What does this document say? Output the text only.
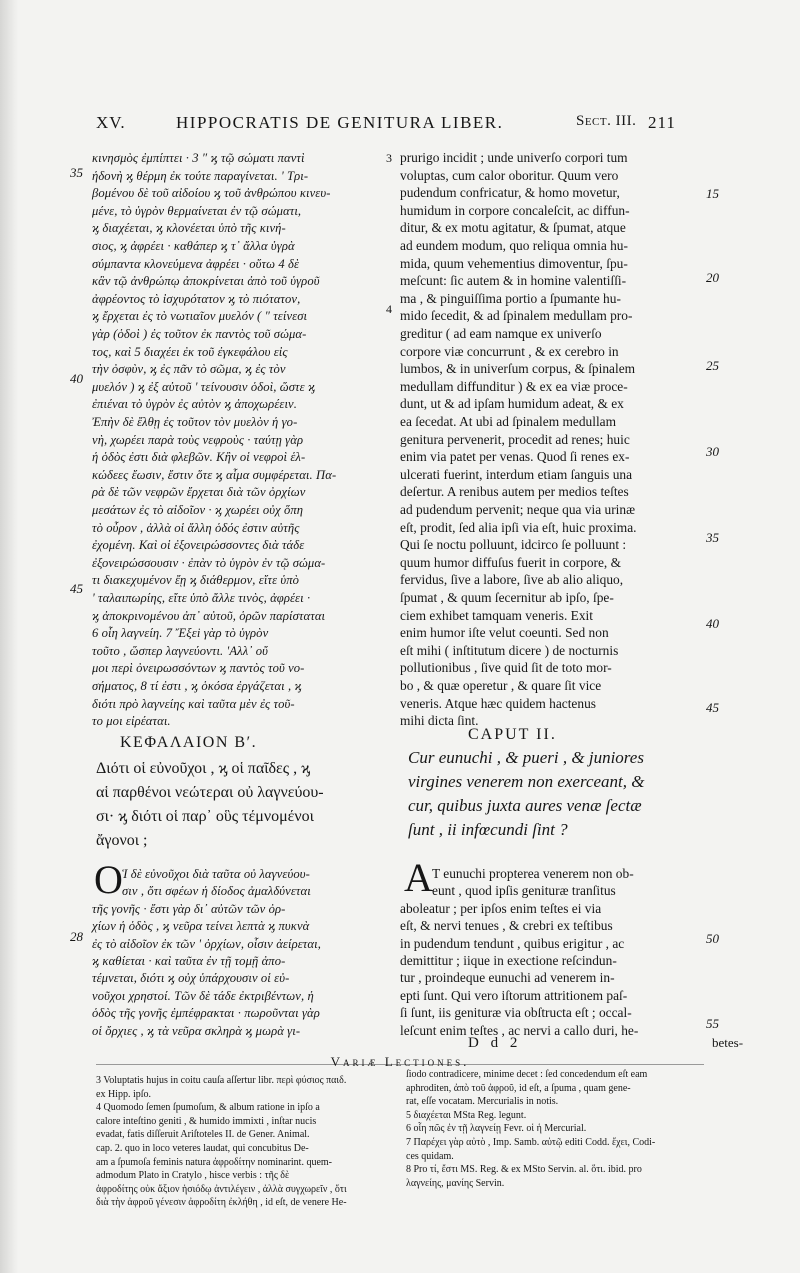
XV.	HIPPOCRATIS DE GENITURA LIBER.	Sect. III. 211
κινησμὸς ἐμπίπτει · 3 ″ ϗ τῷ σώματι παντὶ
ἡδονὴ ϗ θέρμη ἐκ τούτε παραγίνεται. ' Τρι-
βομένου δὲ τοῦ αἰδοίου ϗ τοῦ ἀνθρώπου κινευ-
μένε, τὸ ὑγρὸν θερμαίνεται ἐν τῷ σώματι,
ϗ διαχέεται, ϗ κλονέεται ὑπὸ τῆς κινή-
σιος, ϗ ἀφρέει · καθάπερ ϗ τ᾽ ἄλλα ὑγρὰ
σύμπαντα κλονεύμενα ἀφρέει · οὕτω 4 δὲ
κἂν τῷ ἀνθρώπῳ ἀποκρίνεται ἀπὸ τοῦ ὑγροῦ
ἀφρέοντος τὸ ἰσχυρότατον ϗ τὸ πιότατον,
ϗ ἔρχεται ἐς τὸ νωτιαῖον μυελόν ( ″ τείνεσι
γὰρ (ὁδοὶ ) ἐς τοῦτον ἐκ παντὸς τοῦ σώμα-
τος, καὶ 5 διαχέει ἐκ τοῦ ἐγκεφάλου εἰς
τὴν ὀσφὺν, ϗ ἐς πᾶν τὸ σῶμα, ϗ ἐς τὸν
μυελόν ) ϗ ἐξ αὐτοῦ ' τείνουσιν ὁδοὶ, ὥστε ϗ
ἐπιέναι τὸ ὑγρὸν ἐς αὐτὸν ϗ ἀποχωρέειν.
Ἐπὴν δὲ ἔλθῃ ἐς τοῦτον τὸν μυελὸν ἡ γο-
νὴ, χωρέει παρὰ τοὺς νεφροὺς · ταύτῃ γὰρ
ἡ ὁδὸς ἐστι διὰ φλεβῶν. Κἢν οἱ νεφροὶ ἑλ-
κώδεες ἔωσιν, ἔστιν ὅτε ϗ αἷμα συμφέρεται. Πα-
ρὰ δὲ τῶν νεφρῶν ἔρχεται διὰ τῶν ὀρχίων
μεσάτων ἐς τὸ αἰδοῖον · ϗ χωρέει οὐχ ὅπη
τὸ οὖρον , ἀλλὰ οἱ ἄλλη ὁδός ἐστιν αὐτῆς
ἐχομένη. Καὶ οἱ ἐξονειρώσσοντες διὰ τάδε
ἐξονειρώσσουσιν · ἐπὰν τὸ ὑγρὸν ἐν τῷ σώμα-
τι διακεχυμένον ἔῃ ϗ διάθερμον, εἴτε ὑπὸ
' ταλαιπωρίης, εἴτε ὑπὸ ἄλλε τινὸς, ἀφρέει ·
ϗ ἀποκρινομένου ἀπ᾽ αὐτοῦ, ὁρῶν παρίσταται
6 οἷη λαγνείη. 7 Ἔξεi γὰρ τὸ ὑγρὸν
τοῦτο , ὥσπερ λαγνεύοντι. 'Αλλ᾽ οὔ
μοι περὶ ὀνειρωσσόντων ϗ παντὸς τοῦ νο-
σήματος, 8 τί ἐστι , ϗ ὁκόσα ἐργάζεται , ϗ
διότι πρὸ λαγνείης καὶ ταῦτα μὲν ἐς τοῦ-
το μοι εἰρέαται.
prurigo incidit ; unde univerſo corpori tum
voluptas, cum calor oboritur. Quum vero
pudendum confricatur, & homo movetur,
humidum in corpore concaleſcit, ac diffun-
ditur, & ex motu agitatur, & ſpumat, atque
ad eundem modum, quo reliqua omnia hu-
mida, quum vehementius dimoventur, ſpu-
meſcunt: ſic autem & in homine valentiſſi-
ma , & pinguiſſima portio a ſpumante hu-
mido ſecedit, & ad ſpinalem medullam pro-
greditur ( ad eam namque ex univerſo
corpore viæ concurrunt , & ex cerebro in
lumbos, & in univerſum corpus, & ſpinalem
medullam diffunditur ) & ex ea viæ proce-
dunt, ut & ad ipſam humidum adeat, & ex
ea ſecedat. At ubi ad ſpinalem medullam
genitura pervenerit, procedit ad renes; huic
enim via patet per venas. Quod ſi renes ex-
ulcerati fuerint, interdum etiam ſanguis una
deſertur. A renibus autem per medios teſtes
ad pudendum pervenit; neque qua via urinæ
eſt, prodit, ſed alia ipſi via eſt, huic proxima.
Qui ſe noctu polluunt, idcirco ſe polluunt :
quum humor diffuſus fuerit in corpore, &
fervidus, ſive a labore, ſive ab alio aliquo,
ſpumat , & quum ſecernitur ab ipſo, ſpe-
ciem exhibet tamquam veneris. Exit
enim humor iſte velut coeunti. Sed non
eſt mihi ( inſtitutum dicere ) de nocturnis
pollutionibus , ſive quid ſit de toto mor-
bo , & quæ operetur , & quare ſit vice
veneris. Atque hæc quidem hactenus
mihi dicta ſint.
35
40
45
28
15
20
25
30
35
40
45
50
55
3
4
ΚΕΦΑΛΑΙΟΝ Β′.	CAPUT II.
Διότι οἱ εὐνοῦχοι , ϗ οἱ παῖδες , ϗ
αἱ παρθένοι νεώτεραι οὐ λαγνεύου-
σι· ϗ διότι οἱ παρ᾽ οὓς τέμνομένοι
ἄγονοι ;
Cur eunuchi , & pueri , & juniores
virgines venerem non exerceant, &
cur, quibus juxta aures venæ ſectæ
ſunt , ii infœcundi ſint ?
O	A
Ἱ δὲ εὐνοῦχοι διὰ ταῦτα οὐ λαγνεύου-
σιν , ὅτι σφέων ἡ δίοδος ἀμαλδύνεται
τῆς γονῆς · ἔστι γὰρ δι᾽ αὐτῶν τῶν ὀρ-
χίων ἡ ὁδὸς , ϗ νεῦρα τείνει λεπτὰ ϗ πυκνὰ
ἐς τὸ αἰδοῖον ἐκ τῶν ' ὀρχίων, οἷσιν ἀείρεται,
ϗ καθίεται · καὶ ταῦτα ἐν τῇ τομῇ ἀπο-
τέμνεται, διότι ϗ οὐχ ὑπάρχουσιν οἱ εὐ-
νοῦχοι χρηστοί. Τῶν δὲ τάδε ἐκτριβέντων, ἡ
ὁδὸς τῆς γονῆς ἐμπέφρακται · πωροῦνται γὰρ
οἱ ὄρχιες , ϗ τὰ νεῦρα σκληρὰ ϗ μωρὰ γι-
T eunuchi propterea venerem non ob-
eunt , quod ipſis genituræ tranſitus
aboleatur ; per ipſos enim teſtes ei via
eſt, & nervi tenues , & crebri ex teſtibus
in pudendum tendunt , quibus erigitur , ac
demittitur ; iique in exectione reſcindun-
tur , proindeque eunuchi ad venerem in-
epti ſunt. Qui vero iſtorum attritionem paſ-
ſi ſunt, iis genituræ via obſtructa eſt ; occal-
leſcunt enim teſtes , ac nervi a callo duri, he-
D d 2	betes-
Variæ Lectiones.
3 Voluptatis hujus in coitu cauſa aſſertur libr. περὶ φύσιος παιδ.
ex Hipp. ipſo.
4 Quomodo ſemen ſpumoſum, & album ratione in ipſo a
calore inteſtino geniti , & humido immixti , inſtar nucis
evadat, fatis diſſeruit Ariſtoteles II. de Gener. Animal.
cap. 2. quo in loco veteres laudat, qui concubitus De-
am a ſpumoſa feminis natura ἀφροδίτην nominarint. quem-
admodum Plato in Cratylo , hisce verbis : τῆς δὲ
ἀφροδίτης οὐκ ἄξιον ἡσιόδῳ ἀντιλέγειν , ἀλλὰ συγχωρεῖν , ὅτι
διὰ τὴν ἀφροῦ γένεσιν ἀφροδίτη ἐκλήθη , id eſt, de venere He-
ſiodo contradicere, minime decet : ſed concedendum eſt eam
aphroditen, ἀπὸ τοῦ ἀφροῦ, id eſt, a ſpuma , quam gene-
rat, eſſe vocatam. Mercurialis in notis.
5 διαχέεται MSta Reg. legunt.
6 οἷη πῶς ἐν τῇ λαγνείῃ Fevr. οἱ ἡ Mercurial.
7 Παρέχει γὰρ αὐτὸ , Imp. Samb. αὐτῷ editi Codd. ἔχει, Codi-
ces quidam.
8 Pro τί, ἔστι MS. Reg. & ex MSto Servin. al. ὅτι. ibid. pro
λαγνείης, μανίης Servin.
